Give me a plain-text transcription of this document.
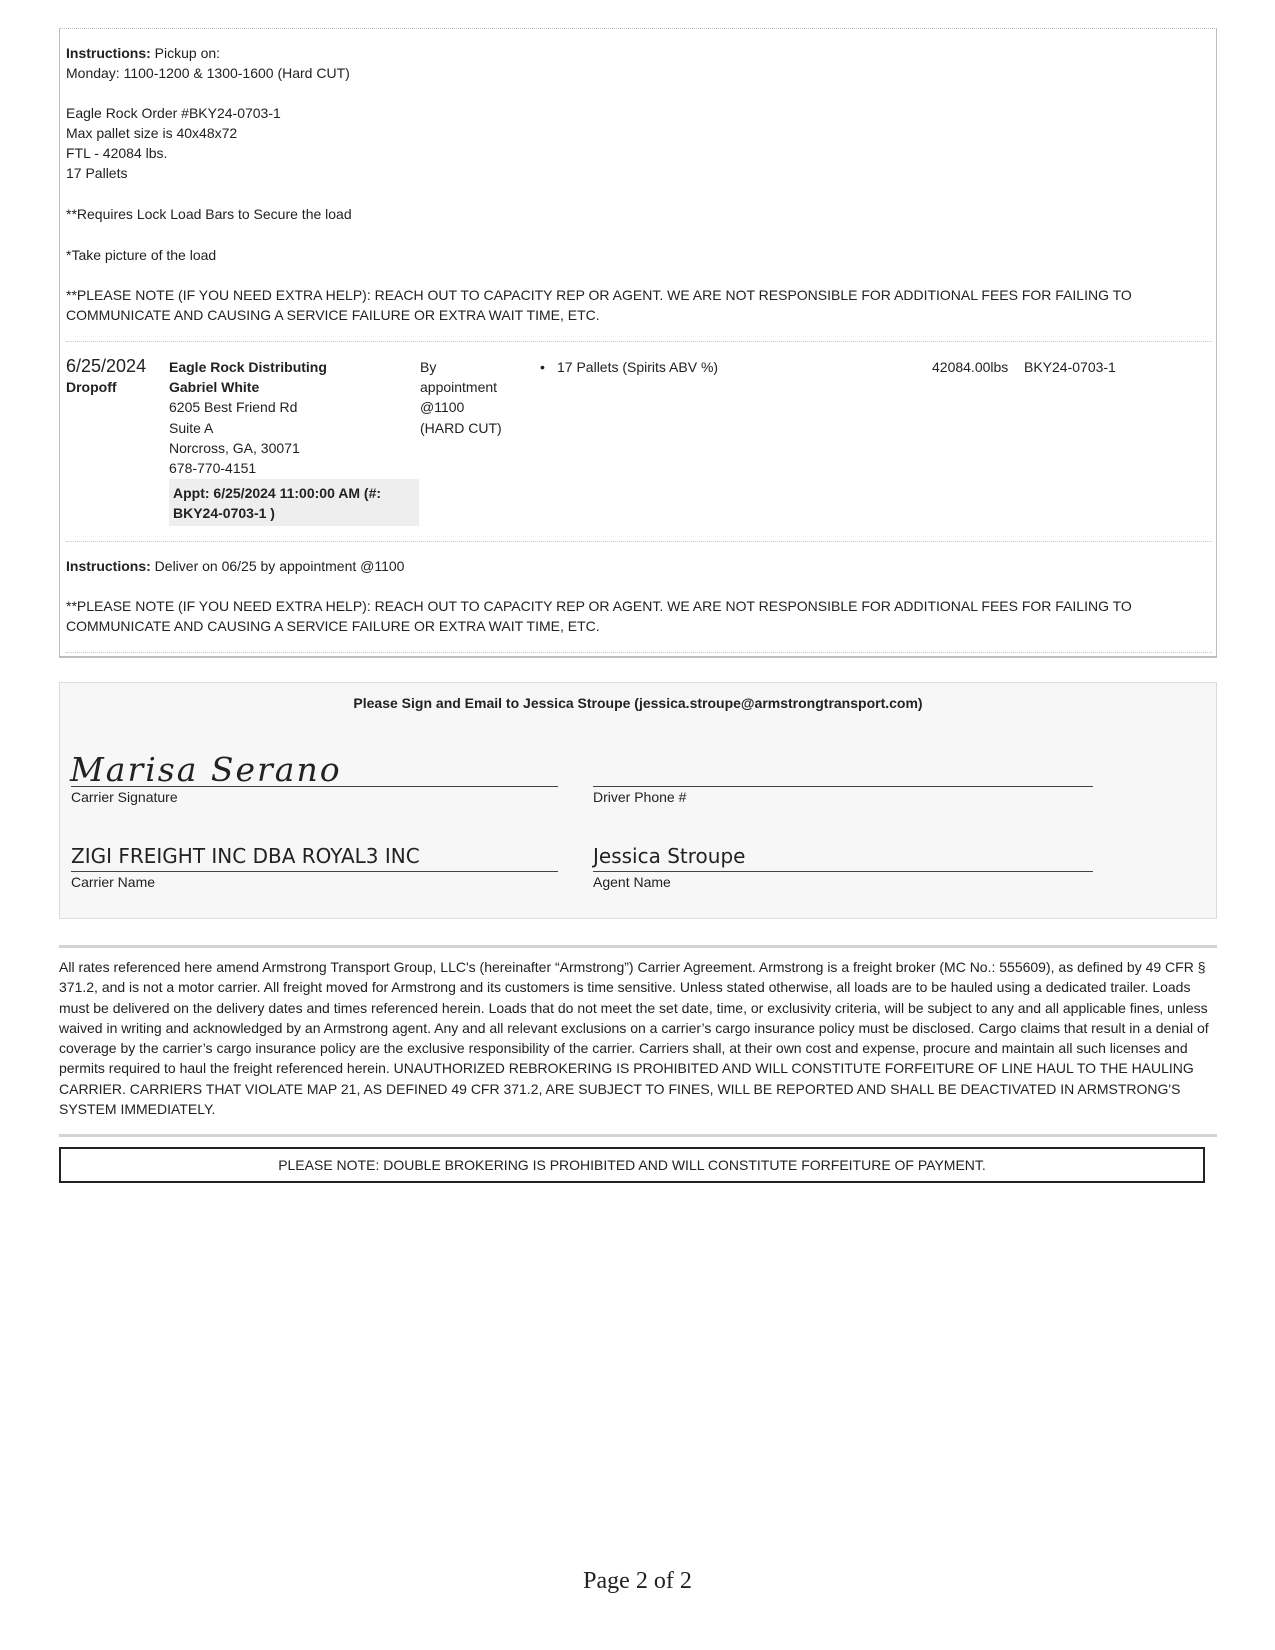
Instructions: Pickup on:
Monday: 1100-1200 & 1300-1600 (Hard CUT)
Eagle Rock Order #BKY24-0703-1
Max pallet size is 40x48x72
FTL - 42084 lbs.
17 Pallets
**Requires Lock Load Bars to Secure the load
*Take picture of the load
**PLEASE NOTE (IF YOU NEED EXTRA HELP): REACH OUT TO CAPACITY REP OR AGENT. WE ARE NOT RESPONSIBLE FOR ADDITIONAL FEES FOR FAILING TO COMMUNICATE AND CAUSING A SERVICE FAILURE OR EXTRA WAIT TIME, ETC.
6/25/2024
Dropoff
Eagle Rock Distributing
Gabriel White
6205 Best Friend Rd
Suite A
Norcross, GA, 30071
678-770-4151
Appt: 6/25/2024 11:00:00 AM (#: BKY24-0703-1 )
By
appointment
@1100
(HARD CUT)
• 17 Pallets (Spirits ABV %)	42084.00lbs BKY24-0703-1
Instructions: Deliver on 06/25 by appointment @1100
**PLEASE NOTE (IF YOU NEED EXTRA HELP): REACH OUT TO CAPACITY REP OR AGENT. WE ARE NOT RESPONSIBLE FOR ADDITIONAL FEES FOR FAILING TO COMMUNICATE AND CAUSING A SERVICE FAILURE OR EXTRA WAIT TIME, ETC.
Please Sign and Email to Jessica Stroupe (jessica.stroupe@armstrongtransport.com)
Marisa Serano
Carrier Signature	Driver Phone #
ZIGI FREIGHT INC DBA ROYAL3 INC
Carrier Name
Jessica Stroupe
Agent Name
All rates referenced here amend Armstrong Transport Group, LLC's (hereinafter “Armstrong”) Carrier Agreement. Armstrong is a freight broker (MC No.: 555609), as defined by 49 CFR § 371.2, and is not a motor carrier. All freight moved for Armstrong and its customers is time sensitive. Unless stated otherwise, all loads are to be hauled using a dedicated trailer. Loads must be delivered on the delivery dates and times referenced herein. Loads that do not meet the set date, time, or exclusivity criteria, will be subject to any and all applicable fines, unless waived in writing and acknowledged by an Armstrong agent. Any and all relevant exclusions on a carrier’s cargo insurance policy must be disclosed. Cargo claims that result in a denial of coverage by the carrier’s cargo insurance policy are the exclusive responsibility of the carrier. Carriers shall, at their own cost and expense, procure and maintain all such licenses and permits required to haul the freight referenced herein. UNAUTHORIZED REBROKERING IS PROHIBITED AND WILL CONSTITUTE FORFEITURE OF LINE HAUL TO THE HAULING CARRIER. CARRIERS THAT VIOLATE MAP 21, AS DEFINED 49 CFR 371.2, ARE SUBJECT TO FINES, WILL BE REPORTED AND SHALL BE DEACTIVATED IN ARMSTRONG'S SYSTEM IMMEDIATELY.
PLEASE NOTE: DOUBLE BROKERING IS PROHIBITED AND WILL CONSTITUTE FORFEITURE OF PAYMENT.
Page 2 of 2
